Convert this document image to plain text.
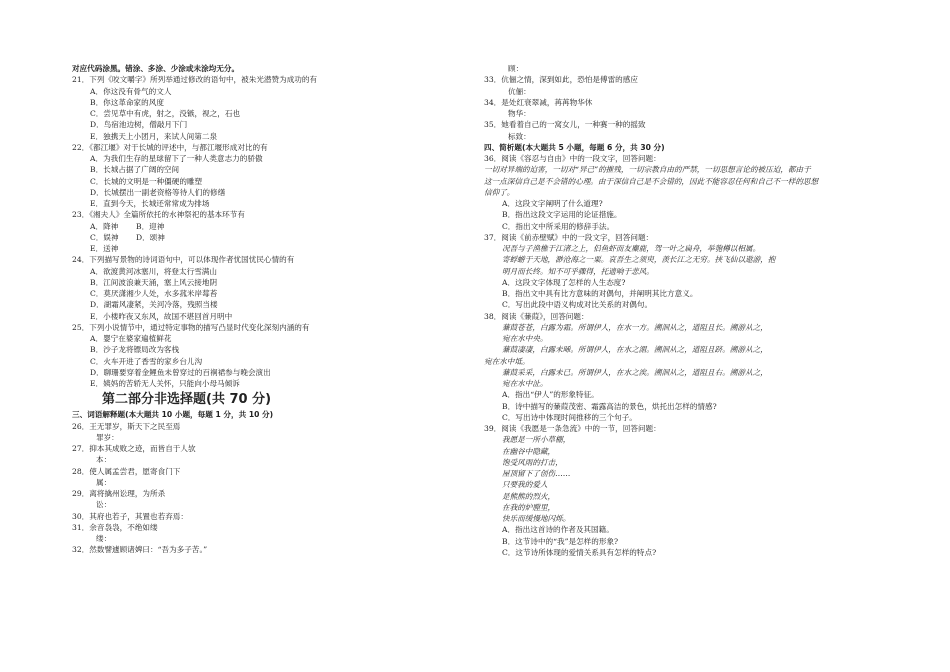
对应代码涂黑。错涂、多涂、少涂或未涂均无分。
21．下列《咬文嚼字》所列举通过修改的语句中，被朱光潜赞为成功的有
A．你这没有骨气的文人
B．你这革命家的风度
C．尝见草中有虎，射之，没镞，视之，石也
D．鸟宿池边树，僧敲月下门
E．独携天上小团月，来试人间第二泉
22．《都江堰》对于长城的评述中，与都江堰形成对比的有
A．为我们生存的星球留下了一种人类意志力的骄傲
B．长城占据了广阔的空间
C．长城的文明是一种僵硬的雕塑
D．长城摆出一副老资格等待人们的修缮
E．直到今天，长城还常常成为排场
23．《湘夫人》全篇所依托的水神祭祀的基本环节有
A．降神	B．迎神
C．娱神	D．颂神
E．送神
24．下列描写景物的诗词语句中，可以体现作者忧国忧民心情的有
A．欲渡黄河冰塞川，将登太行雪满山
B．江间波浪兼天涌，塞上风云接地阴
C．莫厌潇湘少人处，水多菰米岸莓苔
D．湖霜风凄紧，关河冷落，残照当楼
E．小楼昨夜又东风，故国不堪回首月明中
25．下列小说情节中，通过特定事物的描写凸显时代变化深刻内涵的有
A．婴宁在婆家遍植鲜花
B．沙子龙将镖局改为客栈
C．火车开进了香雪的家乡台儿沟
D．聊珊要穿着金鲤鱼未曾穿过的百裥裙参与晚会演出
E．姨妈的苦轿无人关怀，只能向小母马倾诉
第二部分非选择题(共 70 分)
三、词语解释题(本大题共 10 小题，每题 1 分，共 10 分)
26．王无罪岁，斯天下之民至焉
罪岁：
27．抑本其成败之迹，而皆自于人欤
本：
28．使人属孟尝君，愿寄食门下
属：
29．离将擒州讼理，为所杀
讼：
30．其府也若子，其置也若弃焉：
31．余音袅袅，不绝如缕
缕：
32．然数譬遽顾诸婢曰：“吾为多子苦。”
顾：
33．伉俪之情，深到如此，恐怕是傅雷的感应
伉俪：
34．是处红衰翠减，苒苒物华休
物华：
35．她看着自己的一窝女儿，一种赛一种的摇致
标致：
四、简析题(本大题共 5 小题，每题 6 分，共 30 分)
36．阅读《容忍与自由》中的一段文字，回答问题：
一切对异端的迫害，一切对“异己”的摧残，一切宗教自由的严禁，一切思想言论的被压迫，都由于
这一点深信自己是不会错的心理。由于深信自己是不会错的，因此不能容忍任何和自己不一样的思想
信仰了。
A．这段文字阐明了什么道理?
B．指出这段文字运用的论证措施。
C．指出文中所采用的修辞手法。
37．阅读《前赤壁赋》中的一段文字，回答问题：
况吾与子渔樵于江渚之上，侣鱼虾而友麋鹿，驾一叶之扁舟，举匏樽以相属。
寄蜉蝣于天地，渺沧海之一粟。哀吾生之须臾，羡长江之无穷。挟飞仙以遨游，抱
明月而长终。知不可乎骤得，托遗响于悲风。
A．这段文字体现了怎样的人生态度?
B．指出文中具有比方意味的对偶句，并阐明其比方意义。
C．写出此段中语义构成对比关系的对偶句。
38．阅读《蒹葭》，回答问题：
蒹葭苍苍，白露为霜。所谓伊人，在水一方。溯洄从之，道阻且长。溯游从之，
宛在水中央。
蒹葭凄凄，白露未晞。所谓伊人，在水之湄。溯洄从之，道阻且跻。溯游从之，
宛在水中坻。
蒹葭采采，白露未已。所谓伊人，在水之涘。溯洄从之，道阻且右。溯游从之，
宛在水中沚。
A．指出“伊人”的形象特征。
B．诗中描写的蒹葭茂密、霜露高洁的景色，烘托出怎样的情感?
C．写出诗中体现时间推移的三个句子。
39．阅读《我愿是一条急流》中的一节，回答问题：
我愿是一所小草棚，
在幽谷中隐藏，
饱受风雨的打击，
屋顶留下了创伤……
只要我的爱人
是熊熊的烈火，
在我的炉膛里，
快乐而缓慢地闪烁。
A．指出这首诗的作者及其国籍。
B．这节诗中的“我”是怎样的形象?
C．这节诗所体现的爱情关系具有怎样的特点?
